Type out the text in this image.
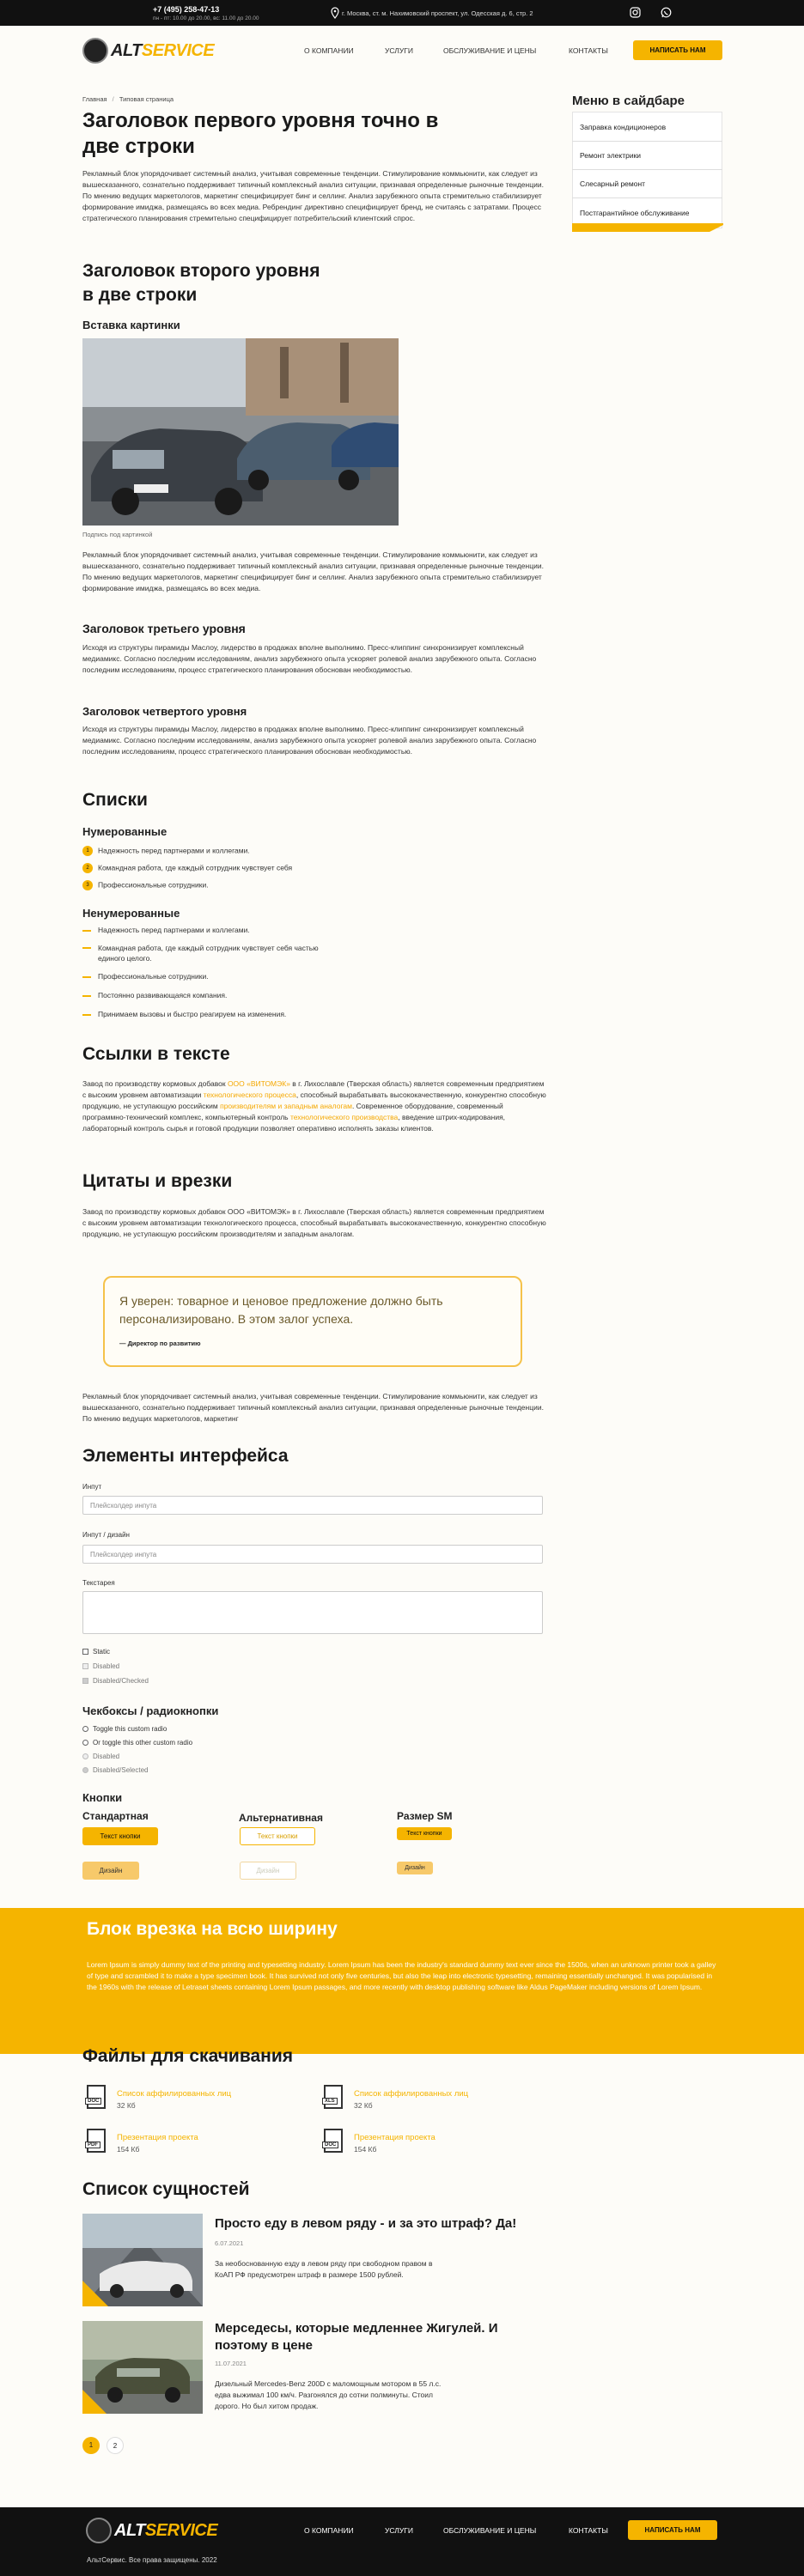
+7 (495) 258-47-13
пн - пт: 10.00 до 20.00, вс: 11.00 до 20.00
г. Москва, ст. м. Нахимовский проспект, ул. Одесская д. 6, стр. 2
ALT SERVICE	О КОМПАНИИ	УСЛУГИ	ОБСЛУЖИВАНИЕ И ЦЕНЫ	КОНТАКТЫ	НАПИСАТЬ НАМ
Главная / Типовая страница
Заголовок первого уровня точно в
две строки
Рекламный блок упорядочивает системный анализ, учитывая современные тенденции. Стимулирование коммьюнити, как следует из вышесказанного, сознательно поддерживает типичный комплексный анализ ситуации, признавая определенные рыночные тенденции. По мнению ведущих маркетологов, маркетинг специфицирует бинг и селлинг. Анализ зарубежного опыта стремительно стабилизирует формирование имиджа, размещаясь во всех медиа. Ребрендинг директивно специфицирует бренд, не считаясь с затратами. Процесс стратегического планирования стремительно специфицирует потребительский клиентский спрос.
Меню в сайдбаре
Заправка кондиционеров
Ремонт электрики
Слесарный ремонт
Постгарантийное обслуживание
Заголовок второго уровня
в две строки
Вставка картинки
Подпись под картинкой
Рекламный блок упорядочивает системный анализ, учитывая современные тенденции. Стимулирование коммьюнити, как следует из вышесказанного, сознательно поддерживает типичный комплексный анализ ситуации, признавая определенные рыночные тенденции. По мнению ведущих маркетологов, маркетинг специфицирует бинг и селлинг. Анализ зарубежного опыта стремительно стабилизирует формирование имиджа, размещаясь во всех медиа.
Заголовок третьего уровня
Исходя из структуры пирамиды Маслоу, лидерство в продажах вполне выполнимо. Пресс-клиппинг синхронизирует комплексный медиамикс. Согласно последним исследованиям, анализ зарубежного опыта ускоряет ролевой анализ зарубежного опыта. Согласно последним исследованиям, процесс стратегического планирования обоснован необходимостью.
Заголовок четвертого уровня
Исходя из структуры пирамиды Маслоу, лидерство в продажах вполне выполнимо. Пресс-клиппинг синхронизирует комплексный медиамикс. Согласно последним исследованиям, анализ зарубежного опыта ускоряет ролевой анализ зарубежного опыта. Согласно последним исследованиям, процесс стратегического планирования обоснован необходимостью.
Списки
Нумерованные
1 Надежность перед партнерами и коллегами.
2 Командная работа, где каждый сотрудник чувствует себя
3 Профессиональные сотрудники.
Ненумерованные
Надежность перед партнерами и коллегами.
Командная работа, где каждый сотрудник чувствует себя частью единого целого.
Профессиональные сотрудники.
Постоянно развивающаяся компания.
Принимаем вызовы и быстро реагируем на изменения.
Ссылки в тексте
Завод по производству кормовых добавок ООО «ВИТОМЭК» в г. Лихославле (Тверская область) является современным предприятием с высоким уровнем автоматизации технологического процесса, способный вырабатывать высококачественную, конкурентно способную продукцию, не уступающую российским производителям и западным аналогам. Современное оборудование, современный программно-технический комплекс, компьютерный контроль технологического производства, введение штрих-кодирования, лабораторный контроль сырья и готовой продукции позволяет оперативно исполнять заказы клиентов.
Цитаты и врезки
Завод по производству кормовых добавок ООО «ВИТОМЭК» в г. Лихославле (Тверская область) является современным предприятием с высоким уровнем автоматизации технологического процесса, способный вырабатывать высококачественную, конкурентно способную продукцию, не уступающую российским производителям и западным аналогам.
Я уверен: товарное и ценовое предложение должно быть
персонализировано. В этом залог успеха.
— Директор по развитию
Рекламный блок упорядочивает системный анализ, учитывая современные тенденции. Стимулирование коммьюнити, как следует из вышесказанного, сознательно поддерживает типичный комплексный анализ ситуации, признавая определенные рыночные тенденции. По мнению ведущих маркетологов, маркетинг
Элементы интерфейса
Инпут
Плейсхолдер инпута
Инпут / дизайн
Плейсхолдер инпута
Текстарея
Static
Disabled
Disabled/Checked
Чекбоксы / радиокнопки
Toggle this custom radio
Or toggle this other custom radio
Disabled
Disabled/Selected
Кнопки
Стандартная	Альтернативная	Размер SM
Текст кнопки	Текст кнопки	Текст кнопки
Дизайн	Дизайн	Дизайн
Блок врезка на всю ширину
Lorem Ipsum is simply dummy text of the printing and typesetting industry. Lorem Ipsum has been the industry's standard dummy text ever since the 1500s, when an unknown printer took a galley of type and scrambled it to make a type specimen book. It has survived not only five centuries, but also the leap into electronic typesetting, remaining essentially unchanged. It was popularised in the 1960s with the release of Letraset sheets containing Lorem Ipsum passages, and more recently with desktop publishing software like Aldus PageMaker including versions of Lorem Ipsum.
Файлы для скачивания
DOC
Список аффилированных лиц
32 Кб	XLS
Список аффилированных лиц
32 Кб
PDF
Презентация проекта
154 Кб	DOC
Презентация проекта
154 Кб
Список сущностей
Просто еду в левом ряду - и за это штраф? Да!
6.07.2021
За необоснованную езду в левом ряду при свободном правом в КоАП РФ предусмотрен штраф в размере 1500 рублей.
Мерседесы, которые медленнее Жигулей. И
поэтому в цене
11.07.2021
Дизельный Mercedes-Benz 200D с маломощным мотором в 55 л.с. едва выжимал 100 км/ч. Разгонялся до сотни полминуты. Стоил дорого. Но был хитом продаж.
1	2
ALT SERVICE	О КОМПАНИИ	УСЛУГИ	ОБСЛУЖИВАНИЕ И ЦЕНЫ	КОНТАКТЫ	НАПИСАТЬ НАМ
АльтСервис. Все права защищены. 2022
